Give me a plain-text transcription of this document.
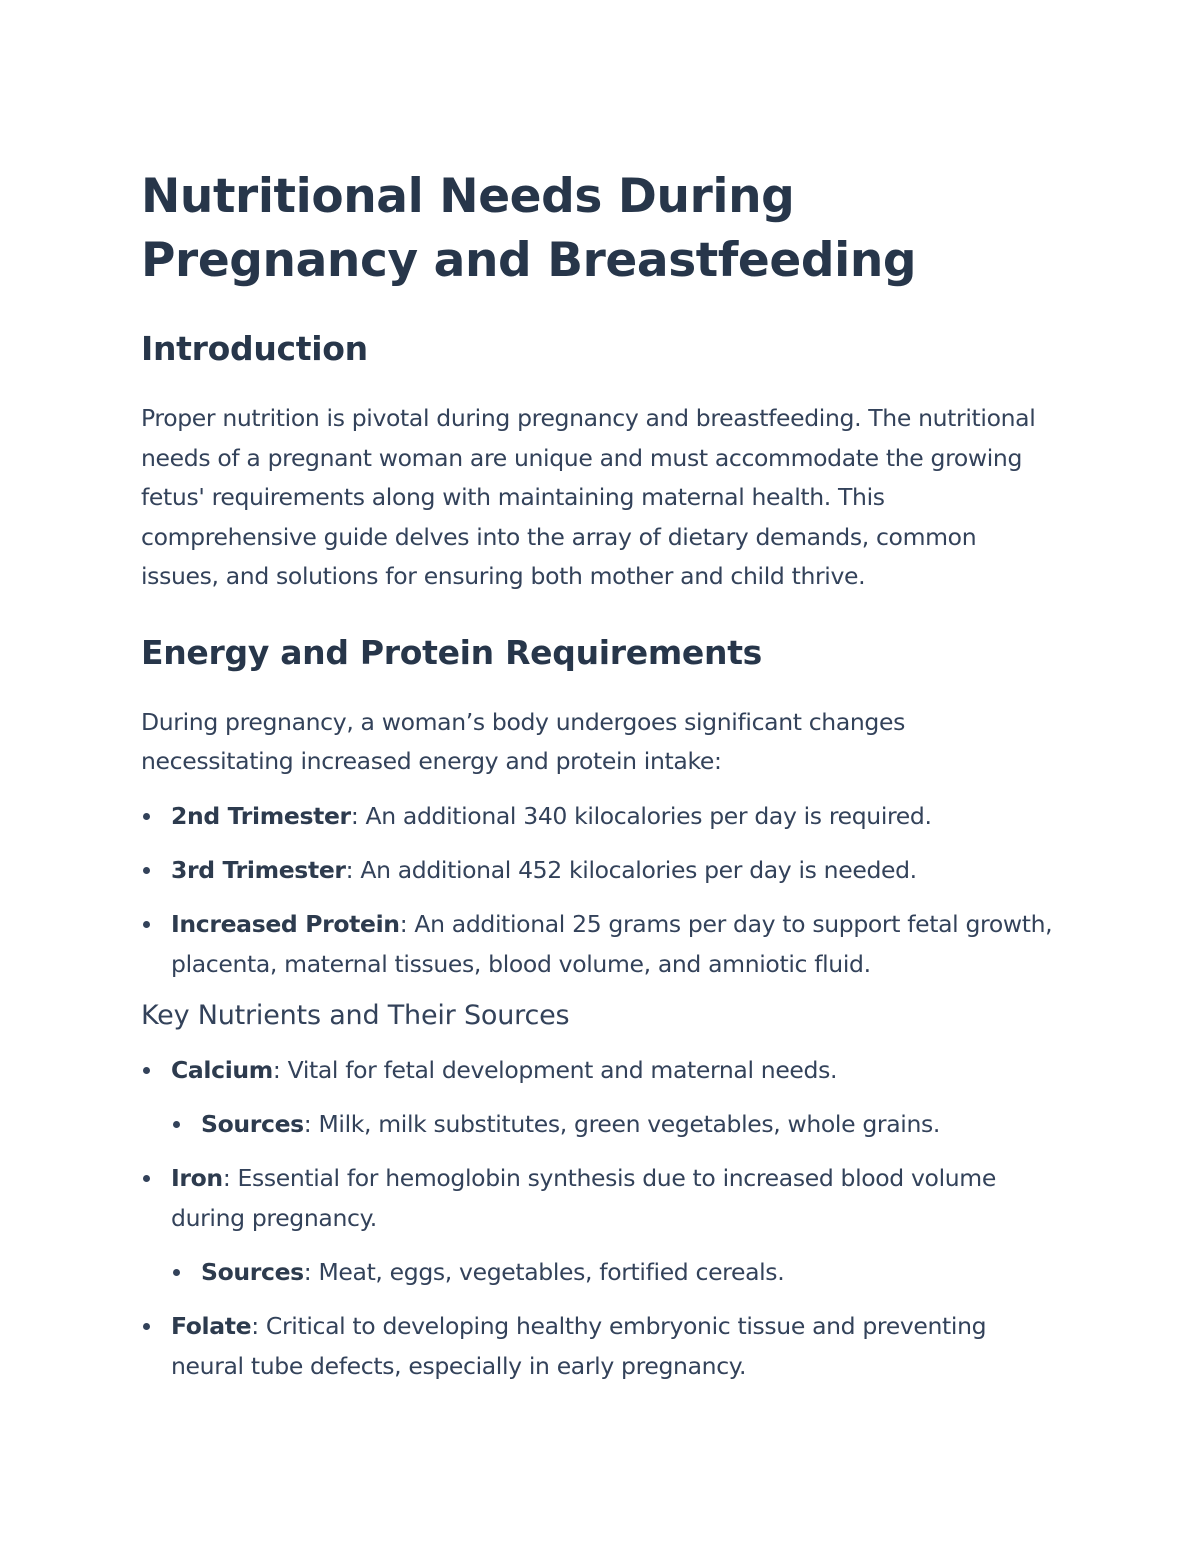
Nutritional Needs During Pregnancy and Breastfeeding
Introduction

Proper nutrition is pivotal during pregnancy and breastfeeding. The nutritional needs of a pregnant woman are unique and must accommodate the growing fetus' requirements along with maintaining maternal health. This comprehensive guide delves into the array of dietary demands, common issues, and solutions for ensuring both mother and child thrive.

Energy and Protein Requirements

During pregnancy, a woman’s body undergoes significant changes necessitating increased energy and protein intake:

2nd Trimester: An additional 340 kilocalories per day is required.
3rd Trimester: An additional 452 kilocalories per day is needed.
Increased Protein: An additional 25 grams per day to support fetal growth, placenta, maternal tissues, blood volume, and amniotic fluid.
Key Nutrients and Their Sources
Calcium: Vital for fetal development and maternal needs.
Sources: Milk, milk substitutes, green vegetables, whole grains.
Iron: Essential for hemoglobin synthesis due to increased blood volume during pregnancy.
Sources: Meat, eggs, vegetables, fortified cereals.
Folate: Critical to developing healthy embryonic tissue and preventing neural tube defects, especially in early pregnancy.
